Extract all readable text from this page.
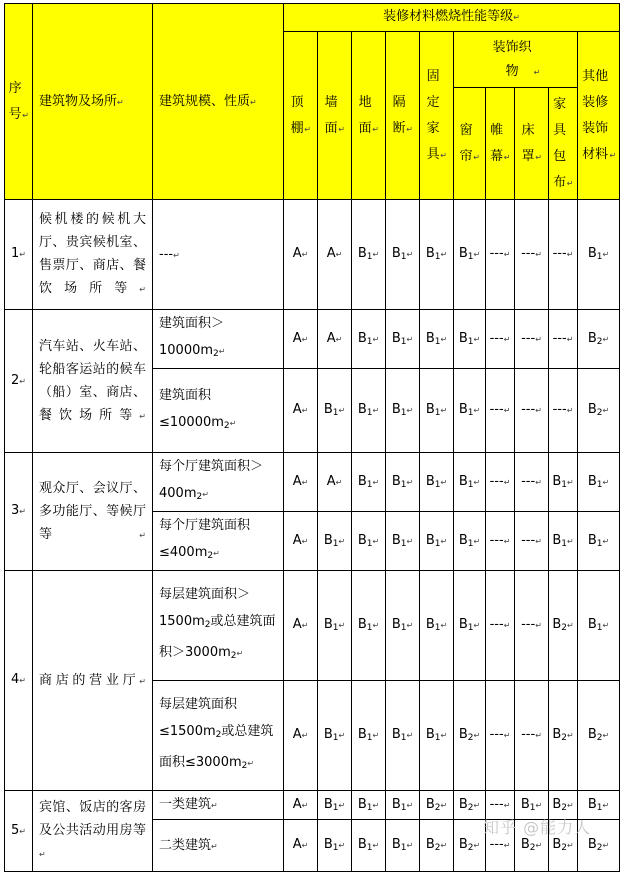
序号↵	建筑物及场所↵	建筑规模、性质↵	装修材料燃烧性能等级↵									
			顶棚↵	墙面↵	地面↵	隔断↵	固定家具↵	装饰织物 ↵				其他装修装饰材料↵
								窗帘↵	帷幕↵	床罩↵	家具包布↵	
1↵	候机楼的候机大厅、贵宾候机室、售票厅、商店、餐饮场所等↵	---↵	A↵	A↵	$B_1↵$	$B_1↵$	$B_1↵$	$B_1↵$	---↵	---↵	---↵	$B_1↵$
2↵	汽车站、火车站、轮船客运站的候车（船）室、商店、餐饮场所等↵	建筑面积$>10000m^2↵$	A↵	A↵	$B_1↵$	$B_1↵$	$B_1↵$	$B_1↵$	---↵	---↵	---↵	$B_2↵$
		建筑面积$\le 10000m^2↵$	A↵	$B_1↵$	$B_1↵$	$B_1↵$	$B_1↵$	$B_1↵$	---↵	---↵	---↵	$B_2↵$
3↵	观众厅、会议厅、多功能厅、等候厅等↵	每个厅建筑面积$>400m^2↵$	A↵	A↵	$B_1↵$	$B_1↵$	$B_1↵$	$B_1↵$	---↵	---↵	$B_1↵$	$B_1↵$
		每个厅建筑面积$\le 400m^2↵$	A↵	$B_1↵$	$B_1↵$	$B_1↵$	$B_1↵$	$B_1↵$	---↵	---↵	$B_1↵$	$B_1↵$
4↵	商店的营业厅↵	每层建筑面积$>1500m^2$或总建筑面积$>3000m^2↵$	A↵	$B_1↵$	$B_1↵$	$B_1↵$	$B_1↵$	$B_1↵$	---↵	---↵	$B_2↵$	$B_1↵$
		每层建筑面积$\le 1500m^2$或总建筑面积$\le 3000m^2↵$	A↵	$B_1↵$	$B_1↵$	$B_1↵$	$B_1↵$	$B_2↵$	---↵	---↵	$B_2↵$	$B_2↵$
5↵	宾馆、饭店的客房及公共活动用房等↵	一类建筑↵	A↵	$B_1↵$	$B_1↵$	$B_1↵$	$B_2↵$	$B_2↵$	---↵	$B_1↵$	$B_2↵$	$B_1↵$
		二类建筑↵	A↵	$B_1↵$	$B_1↵$	$B_1↵$	$B_2↵$	$B_2↵$	---↵	$B_2↵$	$B_2↵$	$B_2↵$
知乎 @能力人
